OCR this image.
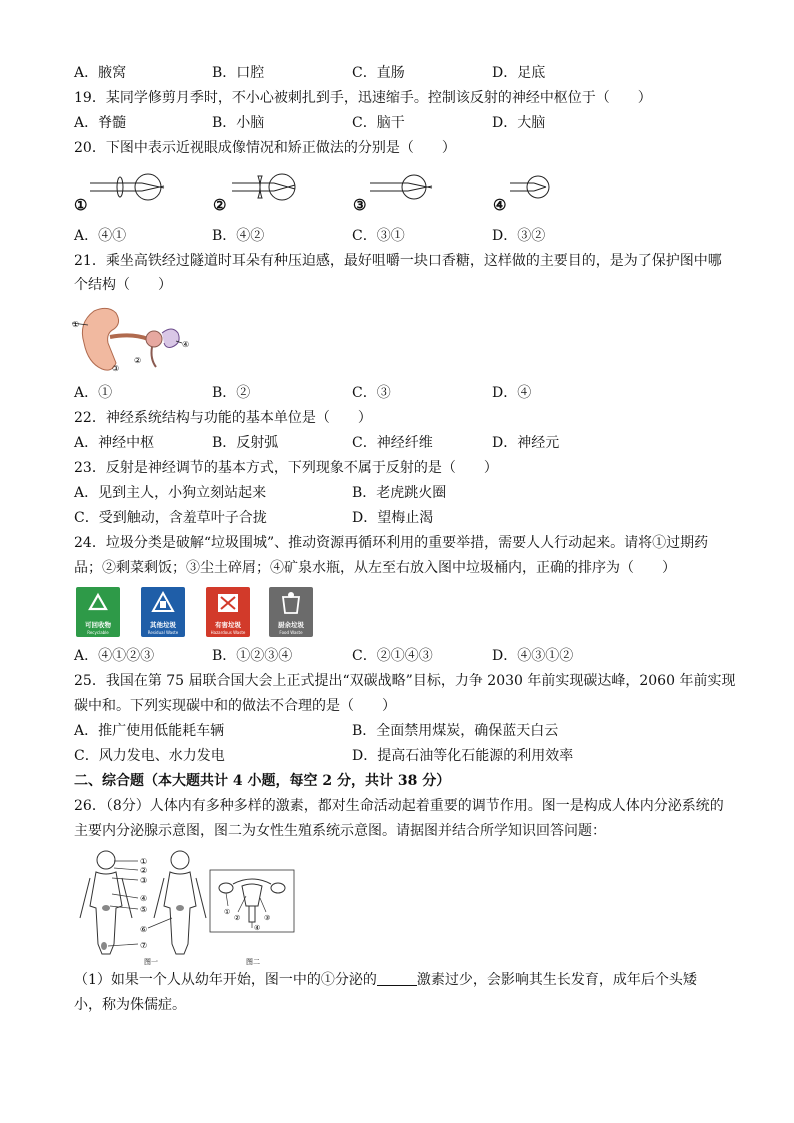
A．腋窝	B．口腔	C．直肠	D．足底
19．某同学修剪月季时，不小心被刺扎到手，迅速缩手。控制该反射的神经中枢位于（　　）
A．脊髓	B．小脑	C．脑干	D．大脑
20．下图中表示近视眼成像情况和矫正做法的分别是（　　）
①	②	③	④
A．④①	B．④②	C．③①	D．③②
21．乘坐高铁经过隧道时耳朵有种压迫感，最好咀嚼一块口香糖，这样做的主要目的，是为了保护图中哪
个结构（　　）
①
④
②
③
A．①	B．②	C．③	D．④
22．神经系统结构与功能的基本单位是（　　）
A．神经中枢	B．反射弧	C．神经纤维	D．神经元
23．反射是神经调节的基本方式，下列现象不属于反射的是（　　）
A．见到主人，小狗立刻站起来	B．老虎跳火圈
C．受到触动，含羞草叶子合拢	D．望梅止渴
24．垃圾分类是破解“垃圾围城”、推动资源再循环利用的重要举措，需要人人行动起来。请将①过期药
品；②剩菜剩饭；③尘土碎屑；④矿泉水瓶，从左至右放入图中垃圾桶内，正确的排序为（　　）
可回收物
Recyclable
其他垃圾
Residual Waste
有害垃圾
Hazardous Waste
厨余垃圾
Food Waste
A．④①②③	B．①②③④	C．②①④③	D．④③①②
25．我国在第 75 届联合国大会上正式提出“双碳战略”目标，力争 2030 年前实现碳达峰，2060 年前实现
碳中和。下列实现碳中和的做法不合理的是（　　）
A．推广使用低能耗车辆	B．全面禁用煤炭，确保蓝天白云
C．风力发电、水力发电	D．提高石油等化石能源的利用效率
二、综合题（本大题共计 4 小题，每空 2 分，共计 38 分）
26．（8分）人体内有多种多样的激素，都对生命活动起着重要的调节作用。图一是构成人体内分泌系统的
主要内分泌腺示意图，图二为女性生殖系统示意图。请据图并结合所学知识回答问题：
①
②
③
④
⑤
⑥
⑦
图一
①
②	③
④
图二
（1）如果一个人从幼年开始，图一中的①分泌的	激素过少，会影响其生长发育，成年后个头矮
小，称为侏儒症。
